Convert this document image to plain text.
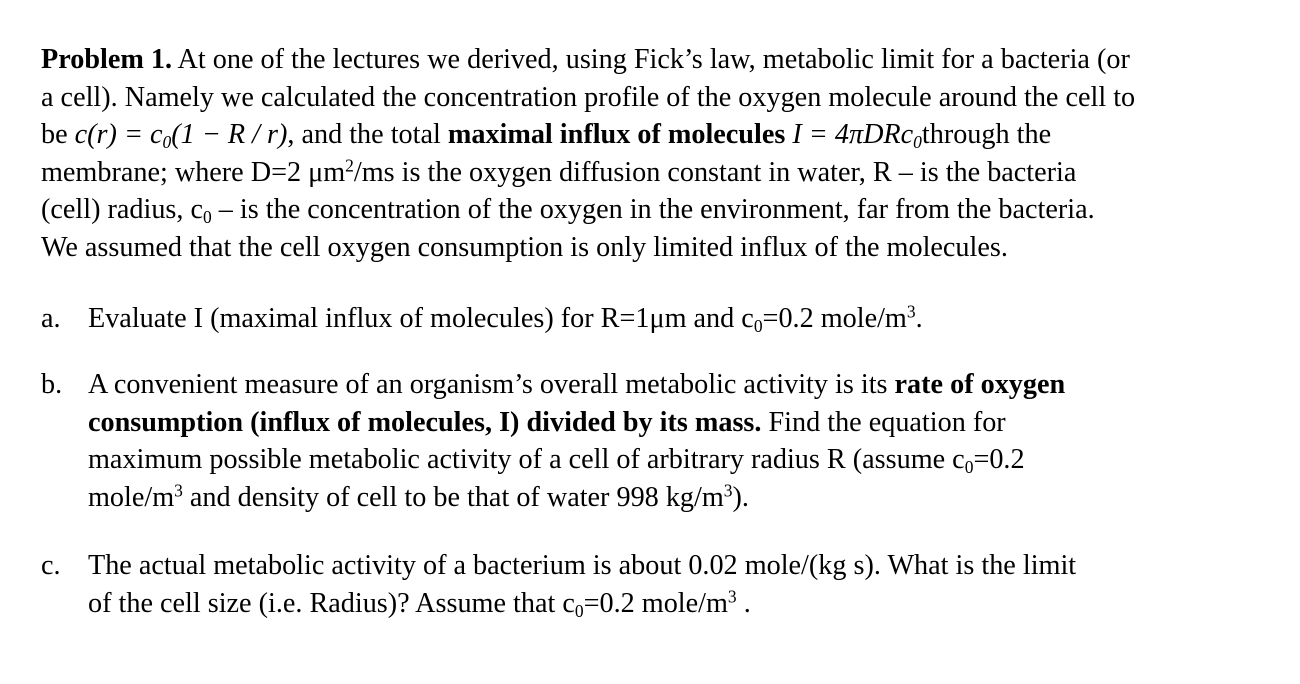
Problem 1. At one of the lectures we derived, using Fick’s law, metabolic limit for a bacteria (or
a cell). Namely we calculated the concentration profile of the oxygen molecule around the cell to
be $c(r) = c_0(1 - R / r)$, and the total maximal influx of molecules I = 4πDRc$_0$through the
membrane; where D=2 $\mu m^2/ms$ is the oxygen diffusion constant in water, R – is the bacteria
(cell) radius, $c_0$ – is the concentration of the oxygen in the environment, far from the bacteria.
We assumed that the cell oxygen consumption is only limited influx of the molecules.

a. Evaluate I (maximal influx of molecules) for R=1μm and $c_0=0.2$ mole/$m^3$.
b. A convenient measure of an organism’s overall metabolic activity is its rate of oxygen
consumption (influx of molecules, I) divided by its mass. Find the equation for
maximum possible metabolic activity of a cell of arbitrary radius R (assume $c_0=0.2$
mole/$m^3$ and density of cell to be that of water 998 $kg/m^3$).
c. The actual metabolic activity of a bacterium is about 0.02 mole/(kg s). What is the limit
of the cell size (i.e. Radius)? Assume that $c_0=0.2$ mole/$m^3$ .
